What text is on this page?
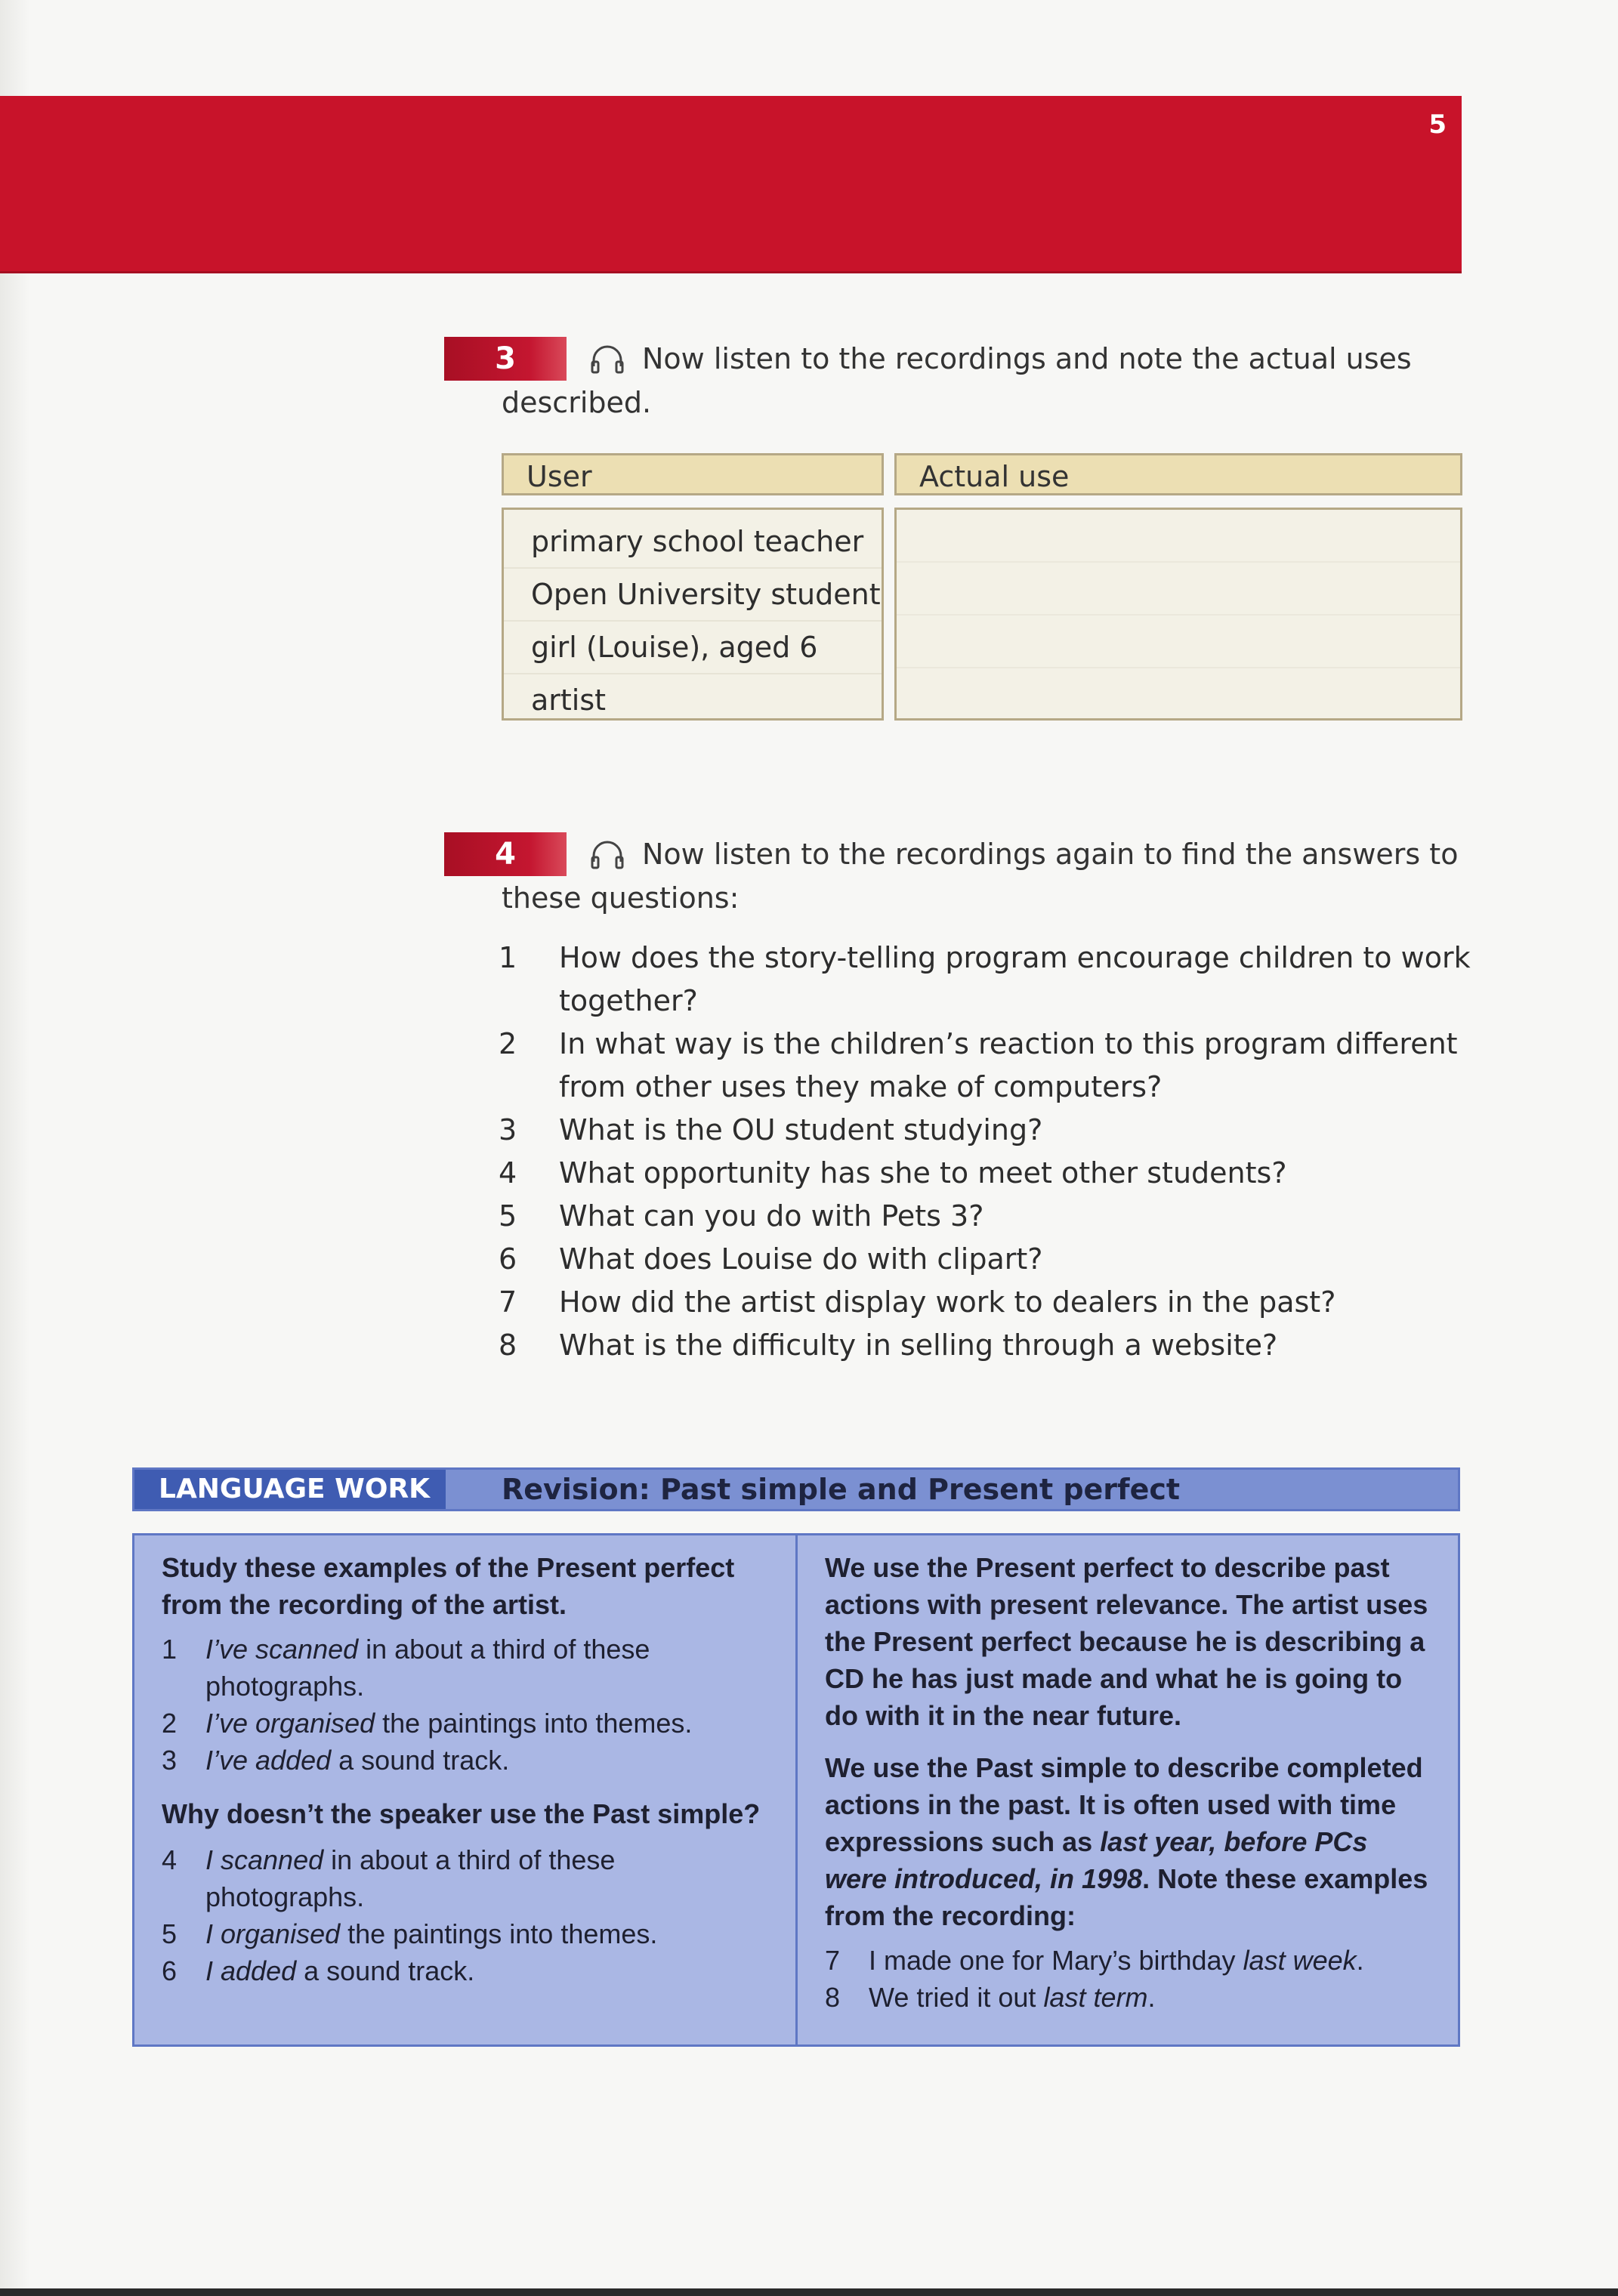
5
3	Now listen to the recordings and note the actual uses
described.
User	Actual use
primary school teacher
Open University student
girl (Louise), aged 6
artist
4	Now listen to the recordings again to find the answers to
these questions:
1	How does the story-telling program encourage children to work
together?
2	In what way is the children’s reaction to this program different
from other uses they make of computers?
3	What is the OU student studying?
4	What opportunity has she to meet other students?
5	What can you do with Pets 3?
6	What does Louise do with clipart?
7	How did the artist display work to dealers in the past?
8	What is the difficulty in selling through a website?
LANGUAGE WORK	Revision: Past simple and Present perfect

Study these examples of the Present perfect from the recording of the artist.

1 I’ve scanned in about a third of these photographs.
2 I’ve organised the paintings into themes.
3 I’ve added a sound track.

Why doesn’t the speaker use the Past simple?

4 I scanned in about a third of these photographs.
5 I organised the paintings into themes.
6 I added a sound track.

We use the Present perfect to describe past actions with present relevance. The artist uses the Present perfect because he is describing a CD he has just made and what he is going to do with it in the near future.

We use the Past simple to describe completed actions in the past. It is often used with time expressions such as last year, before PCs were introduced, in 1998. Note these examples from the recording:

7 I made one for Mary’s birthday last week.
8 We tried it out last term.
